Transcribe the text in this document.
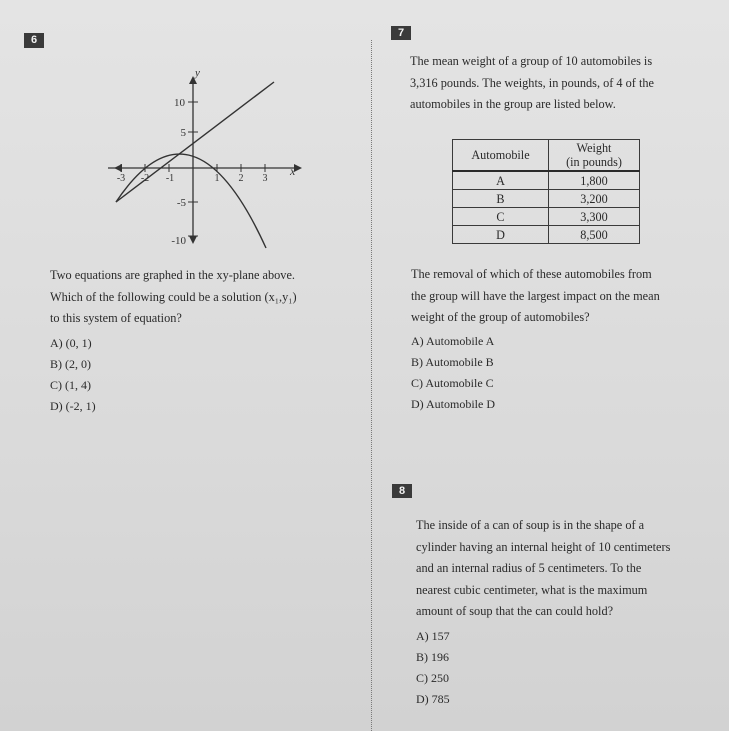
6
y
x
10
5
-5
-10
-3 -2 -1	1 2 3

Two equations are graphed in the xy-plane above.

Which of the following could be a solution (x₁,y₁)

to this system of equation?

A) (0, 1)
B) (2, 0)
C) (1, 4)
D) (-2, 1)
7

The mean weight of a group of 10 automobiles is

3,316 pounds. The weights, in pounds, of 4 of the

automobiles in the group are listed below.

Automobile	Weight
(in pounds)

A	1,800
B	3,200
C	3,300
D	8,500

The removal of which of these automobiles from

the group will have the largest impact on the mean

weight of the group of automobiles?

A) Automobile A
B) Automobile B
C) Automobile C
D) Automobile D
8

The inside of a can of soup is in the shape of a

cylinder having an internal height of 10 centimeters

and an internal radius of 5 centimeters. To the

nearest cubic centimeter, what is the maximum

amount of soup that the can could hold?

A) 157
B) 196
C) 250
D) 785
